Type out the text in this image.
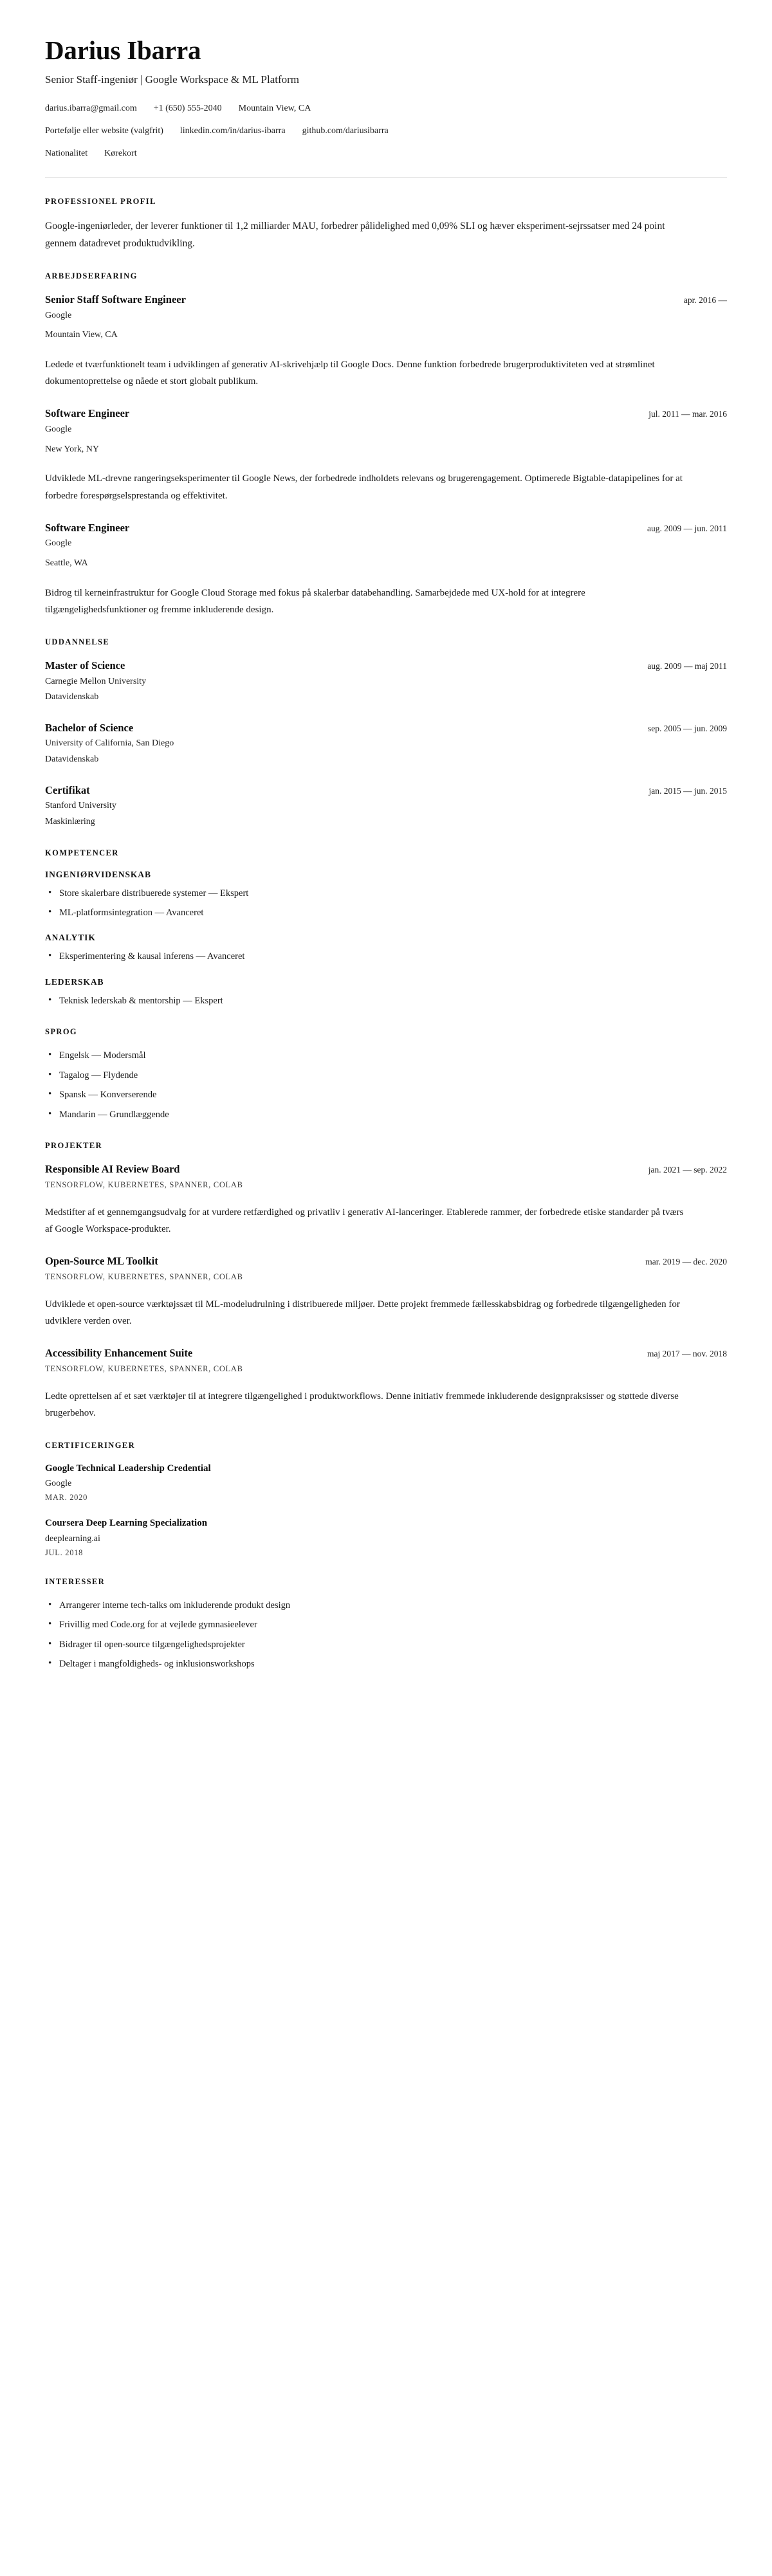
Darius Ibarra
Senior Staff-ingeniør | Google Workspace & ML Platform
darius.ibarra@gmail.com +1 (650) 555-2040 Mountain View, CA
Portefølje eller website (valgfrit) linkedin.com/in/darius-ibarra github.com/dariusibarra
Nationalitet Kørekort
PROFESSIONEL PROFIL

Google-ingeniørleder, der leverer funktioner til 1,2 milliarder MAU, forbedrer pålidelighed med 0,09% SLI og hæver eksperiment-sejrssatser med 24 point gennem datadrevet produktudvikling.

ARBEJDSERFARING
Senior Staff Software Engineer	apr. 2016 —
Google
Mountain View, CA

Ledede et tværfunktionelt team i udviklingen af generativ AI-skrivehjælp til Google Docs. Denne funktion forbedrede brugerproduktiviteten ved at strømlinet dokumentoprettelse og nåede et stort globalt publikum.

Software Engineer	jul. 2011 — mar. 2016
Google
New York, NY

Udviklede ML-drevne rangeringseksperimenter til Google News, der forbedrede indholdets relevans og brugerengagement. Optimerede Bigtable-datapipelines for at forbedre forespørgselsprestanda og effektivitet.

Software Engineer	aug. 2009 — jun. 2011
Google
Seattle, WA

Bidrog til kerneinfrastruktur for Google Cloud Storage med fokus på skalerbar databehandling. Samarbejdede med UX-hold for at integrere tilgængelighedsfunktioner og fremme inkluderende design.

UDDANNELSE
Master of Science	aug. 2009 — maj 2011
Carnegie Mellon University
Datavidenskab
Bachelor of Science	sep. 2005 — jun. 2009
University of California, San Diego
Datavidenskab
Certifikat	jan. 2015 — jun. 2015
Stanford University
Maskinlæring
KOMPETENCER
INGENIØRVIDENSKAB
• Store skalerbare distribuerede systemer — Ekspert
• ML-platformsintegration — Avanceret
ANALYTIK
• Eksperimentering & kausal inferens — Avanceret
LEDERSKAB
• Teknisk lederskab & mentorship — Ekspert
SPROG
• Engelsk — Modersmål
• Tagalog — Flydende
• Spansk — Konverserende
• Mandarin — Grundlæggende
PROJEKTER
Responsible AI Review Board	jan. 2021 — sep. 2022
TENSORFLOW, KUBERNETES, SPANNER, COLAB

Medstifter af et gennemgangsudvalg for at vurdere retfærdighed og privatliv i generativ AI-lanceringer. Etablerede rammer, der forbedrede etiske standarder på tværs af Google Workspace-produkter.

Open-Source ML Toolkit	mar. 2019 — dec. 2020
TENSORFLOW, KUBERNETES, SPANNER, COLAB

Udviklede et open-source værktøjssæt til ML-modeludrulning i distribuerede miljøer. Dette projekt fremmede fællesskabsbidrag og forbedrede tilgængeligheden for udviklere verden over.

Accessibility Enhancement Suite	maj 2017 — nov. 2018
TENSORFLOW, KUBERNETES, SPANNER, COLAB

Ledte oprettelsen af et sæt værktøjer til at integrere tilgængelighed i produktworkflows. Denne initiativ fremmede inkluderende designpraksisser og støttede diverse brugerbehov.

CERTIFICERINGER
Google Technical Leadership Credential
Google
MAR. 2020
Coursera Deep Learning Specialization
deeplearning.ai
JUL. 2018
INTERESSER
• Arrangerer interne tech-talks om inkluderende produkt design
• Frivillig med Code.org for at vejlede gymnasieelever
• Bidrager til open-source tilgængelighedsprojekter
• Deltager i mangfoldigheds- og inklusionsworkshops
